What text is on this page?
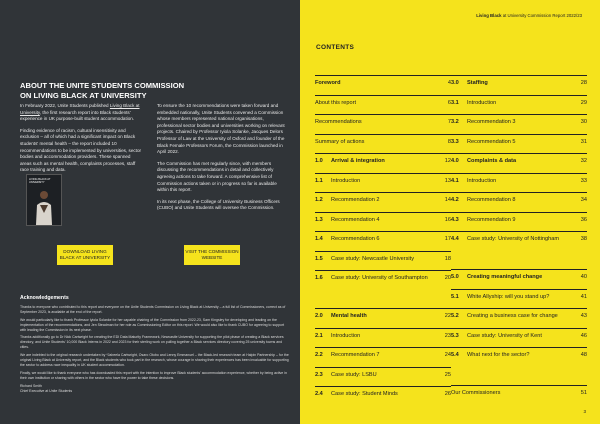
ABOUT THE UNITE STUDENTS COMMISSION ON LIVING BLACK AT UNIVERSITY

In February 2022, Unite Students published Living Black at University, the first research report into Black students' experience in UK purpose-built student accommodation.

Finding evidence of racism, cultural insensitivity and exclusion – all of which had a significant impact on Black students' mental health – the report included 10 recommendations to be implemented by universities, sector bodies and accommodation providers. These spanned areas such as mental health, complaints processes, staff race training and data.

To ensure the 10 recommendations were taken forward and embedded nationally, Unite Students convened a Commission whose members represented national organisations, professional sector bodies and universities working on relevant projects. Chaired by Professor Iyiola Solanke, Jacques Delors Professor of Law at the University of Oxford and founder of the Black Female Professors Forum, the Commission launched in April 2022.

The Commission has met regularly since, with members discussing the recommendations in detail and collectively agreeing actions to take forward. A comprehensive list of Commission actions taken or in progress so far is available within this report.

In its next phase, the College of University Business Officers (CUBO) and Unite Students will oversee the Commission.

LIVING BLACK AT UNIVERSITY
DOWNLOAD LIVING BLACK AT UNIVERSITY
VISIT THE COMMISSION WEBSITE
Acknowledgements

Thanks to everyone who contributed to this report and everyone on the Unite Students Commission on Living Black at University – a full list of Commissioners, correct as of September 2023, is available at the end of the report.

We would particularly like to thank Professor Iyiola Solanke for her capable chairing of the Commission from 2022-23, Sam Kingsley for developing and leading on the implementation of the recommendations, and Jen Steadman for her role as Commissioning Editor on this report. We would also like to thank CUBO for agreeing to support with leading the Commission in its next phase.

Thanks additionally go to Dr Nick Cartwright for creating the EDI Data Maturity Framework, Newcastle University for supporting the pilot phase of creating a Black services directory, and Unite Students' 10,000 Black Interns in 2022 and 2023 for their sterling work on pulling together a Black services directory covering 25 university towns and cities.

We are indebted to the original research undertaken by *Jabeela Cartwright, Osaro Otobo and Lenny Emmanuel – the Black-led research team at Halpin Partnership – for the original Living Black at University report, and the Black students who took part in the research, whose courage in sharing their experiences has been invaluable for supporting the sector to address race inequality in UK student accommodation.

Finally, we would like to thank everyone who has downloaded this report with the intention to improve Black students' accommodation experience, whether by being active in their own institution or sharing with others in the sector who have the power to take these decisions.

Richard Smith

Chief Executive at Unite Students

Living Black at University Commission Report 2022/23
CONTENTS
Foreword	4
About this report	6
Recommendations	7
Summary of actions	8
1.0 Arrival & integration	12
1.1 Introduction	13
1.2 Recommendation 2	14
1.3 Recommendation 4	16
1.4 Recommendation 6	17
1.5 Case study: Newcastle University	18
1.6 Case study: University of Southampton	20
2.0 Mental health	22
2.1 Introduction	23
2.2 Recommendation 7	24
2.3 Case study: LSBU	25
2.4 Case study: Student Minds	26
3.0 Staffing	28
3.1 Introduction	29
3.2 Recommendation 3	30
3.3 Recommendation 5	31
4.0 Complaints & data	32
4.1 Introduction	33
4.2 Recommendation 8	34
4.3 Recommendation 9	36
4.4 Case study: University of Nottingham	38
5.0 Creating meaningful change	40
5.1 White Allyship: will you stand up?	41
5.2 Creating a business case for change	43
5.3 Case study: University of Kent	46
5.4 What next for the sector?	48
Our Commissioners	51
3
